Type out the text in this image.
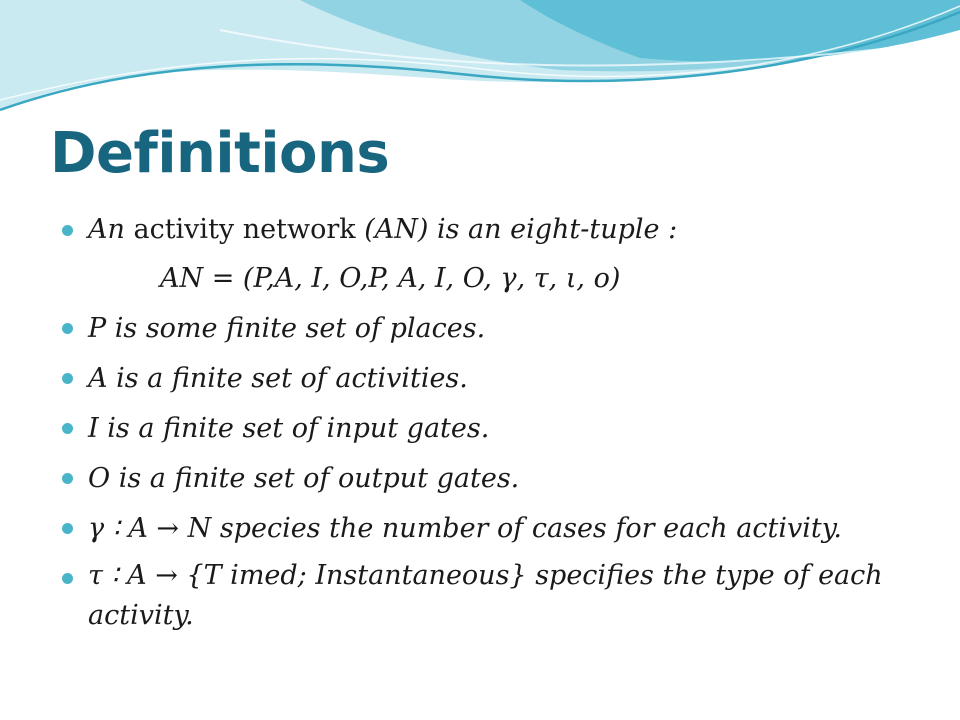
Definitions
An activity network (AN) is an eight-tuple :
AN = (P,A, I, O,P, A, I, O, γ, τ, ι, o)
P is some finite set of places.
A is a finite set of activities.
I is a finite set of input gates.
O is a finite set of output gates.
γ ∶ A → N species the number of cases for each activity.
τ ∶ A → {T imed; Instantaneous} specifies the type of each activity.
